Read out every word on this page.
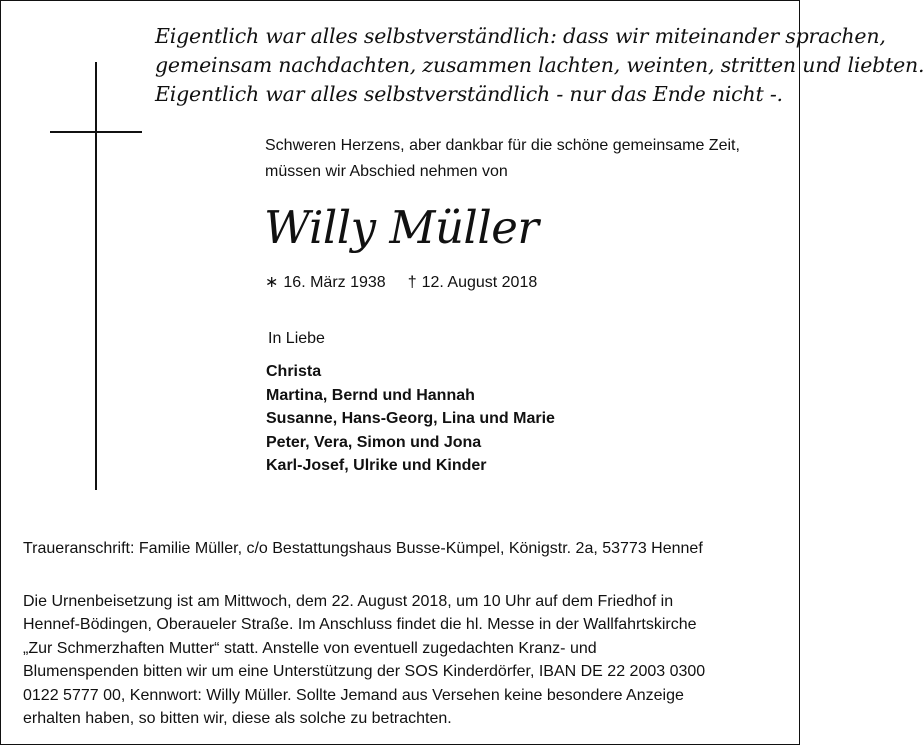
Eigentlich war alles selbstverständlich: dass wir miteinander sprachen,
gemeinsam nachdachten, zusammen lachten, weinten, stritten und liebten.
Eigentlich war alles selbstverständlich - nur das Ende nicht -.
Schweren Herzens, aber dankbar für die schöne gemeinsame Zeit,
müssen wir Abschied nehmen von
Willy Müller
∗ 16. März 1938 † 12. August 2018
In Liebe
Christa
Martina, Bernd und Hannah
Susanne, Hans-Georg, Lina und Marie
Peter, Vera, Simon und Jona
Karl-Josef, Ulrike und Kinder
Traueranschrift: Familie Müller, c/o Bestattungshaus Busse-Kümpel, Königstr. 2a, 53773 Hennef
Die Urnenbeisetzung ist am Mittwoch, dem 22. August 2018, um 10 Uhr auf dem Friedhof in
Hennef-Bödingen, Oberaueler Straße. Im Anschluss findet die hl. Messe in der Wallfahrtskirche
„Zur Schmerzhaften Mutter“ statt. Anstelle von eventuell zugedachten Kranz- und
Blumenspenden bitten wir um eine Unterstützung der SOS Kinderdörfer, IBAN DE 22 2003 0300
0122 5777 00, Kennwort: Willy Müller. Sollte Jemand aus Versehen keine besondere Anzeige
erhalten haben, so bitten wir, diese als solche zu betrachten.
